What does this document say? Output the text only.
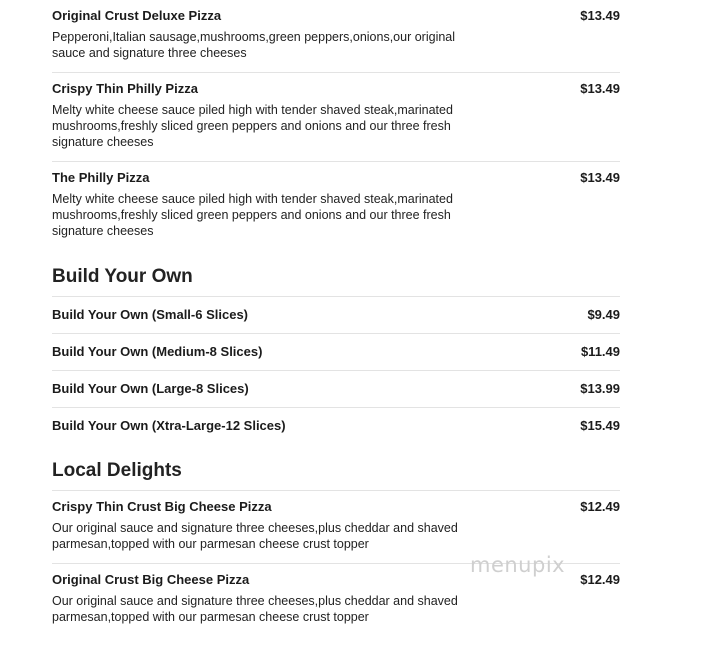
Original Crust Deluxe Pizza	$13.49
Pepperoni,Italian sausage,mushrooms,green peppers,onions,our original sauce and signature three cheeses
Crispy Thin Philly Pizza	$13.49
Melty white cheese sauce piled high with tender shaved steak,marinated mushrooms,freshly sliced green peppers and onions and our three fresh signature cheeses
The Philly Pizza	$13.49
Melty white cheese sauce piled high with tender shaved steak,marinated mushrooms,freshly sliced green peppers and onions and our three fresh signature cheeses
Build Your Own
Build Your Own (Small-6 Slices)	$9.49
Build Your Own (Medium-8 Slices)	$11.49
Build Your Own (Large-8 Slices)	$13.99
Build Your Own (Xtra-Large-12 Slices)	$15.49
Local Delights
Crispy Thin Crust Big Cheese Pizza	$12.49
Our original sauce and signature three cheeses,plus cheddar and shaved parmesan,topped with our parmesan cheese crust topper
Original Crust Big Cheese Pizza	$12.49
Our original sauce and signature three cheeses,plus cheddar and shaved parmesan,topped with our parmesan cheese crust topper
menupix
